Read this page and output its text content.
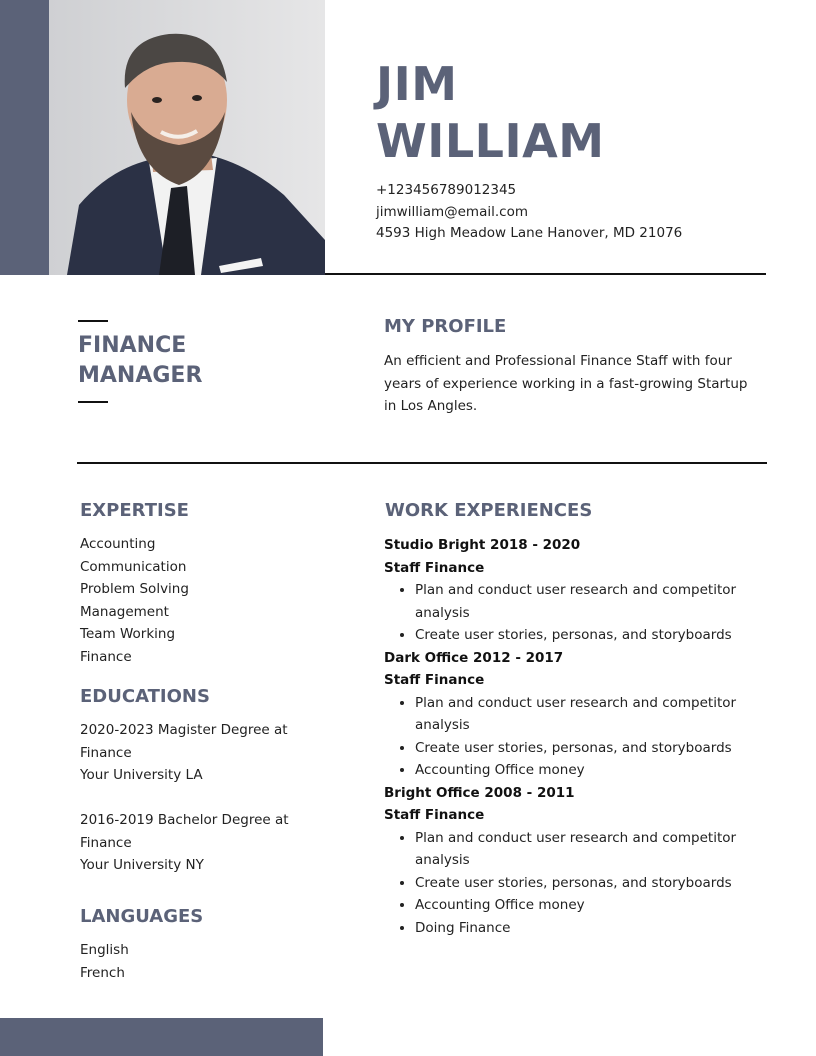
JIM
WILLIAM
+123456789012345
jimwilliam@email.com
4593 High Meadow Lane Hanover, MD 21076
FINANCE
MANAGER
MY PROFILE
An efficient and Professional Finance Staff with four years of experience working in a fast-growing Startup in Los Angles.
EXPERTISE
Accounting
Communication
Problem Solving
Management
Team Working
Finance
EDUCATIONS
2020-2023 Magister Degree at
Finance
Your University LA
2016-2019 Bachelor Degree at
Finance
Your University NY
LANGUAGES
English
French
WORK EXPERIENCES
Studio Bright 2018 - 2020
Staff Finance
• Plan and conduct user research and competitor analysis
• Create user stories, personas, and storyboards
Dark Office 2012 - 2017
Staff Finance
• Plan and conduct user research and competitor analysis
• Create user stories, personas, and storyboards
• Accounting Office money
Bright Office 2008 - 2011
Staff Finance
• Plan and conduct user research and competitor analysis
• Create user stories, personas, and storyboards
• Accounting Office money
• Doing Finance
